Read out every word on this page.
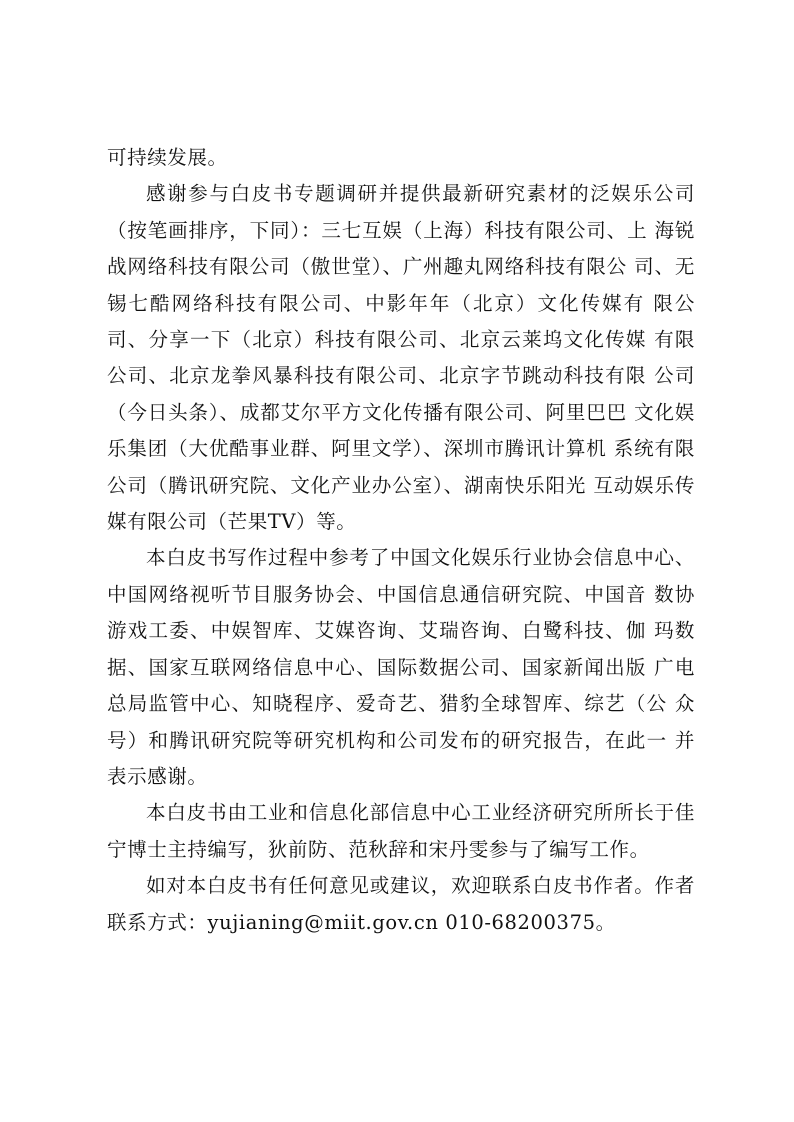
可持续发展。

感谢参与白皮书专题调研并提供最新研究素材的泛娱乐公司（按笔画排序，下同）：三七互娱（上海）科技有限公司、上 海锐战网络科技有限公司（傲世堂）、广州趣丸网络科技有限公 司、无锡七酷网络科技有限公司、中影年年（北京）文化传媒有 限公司、分享一下（北京）科技有限公司、北京云莱坞文化传媒 有限公司、北京龙拳风暴科技有限公司、北京字节跳动科技有限 公司（今日头条）、成都艾尔平方文化传播有限公司、阿里巴巴 文化娱乐集团（大优酷事业群、阿里文学）、深圳市腾讯计算机 系统有限公司（腾讯研究院、文化产业办公室）、湖南快乐阳光 互动娱乐传媒有限公司（芒果TV）等。

本白皮书写作过程中参考了中国文化娱乐行业协会信息中心、中国网络视听节目服务协会、中国信息通信研究院、中国音 数协游戏工委、中娱智库、艾媒咨询、艾瑞咨询、白鹭科技、伽 玛数据、国家互联网络信息中心、国际数据公司、国家新闻出版 广电总局监管中心、知晓程序、爱奇艺、猎豹全球智库、综艺（公 众号）和腾讯研究院等研究机构和公司发布的研究报告，在此一 并表示感谢。

本白皮书由工业和信息化部信息中心工业经济研究所所长于佳宁博士主持编写，狄前防、范秋辞和宋丹雯参与了编写工作。

如对本白皮书有任何意见或建议，欢迎联系白皮书作者。作者联系方式：yujianing@miit.gov.cn 010-68200375。
